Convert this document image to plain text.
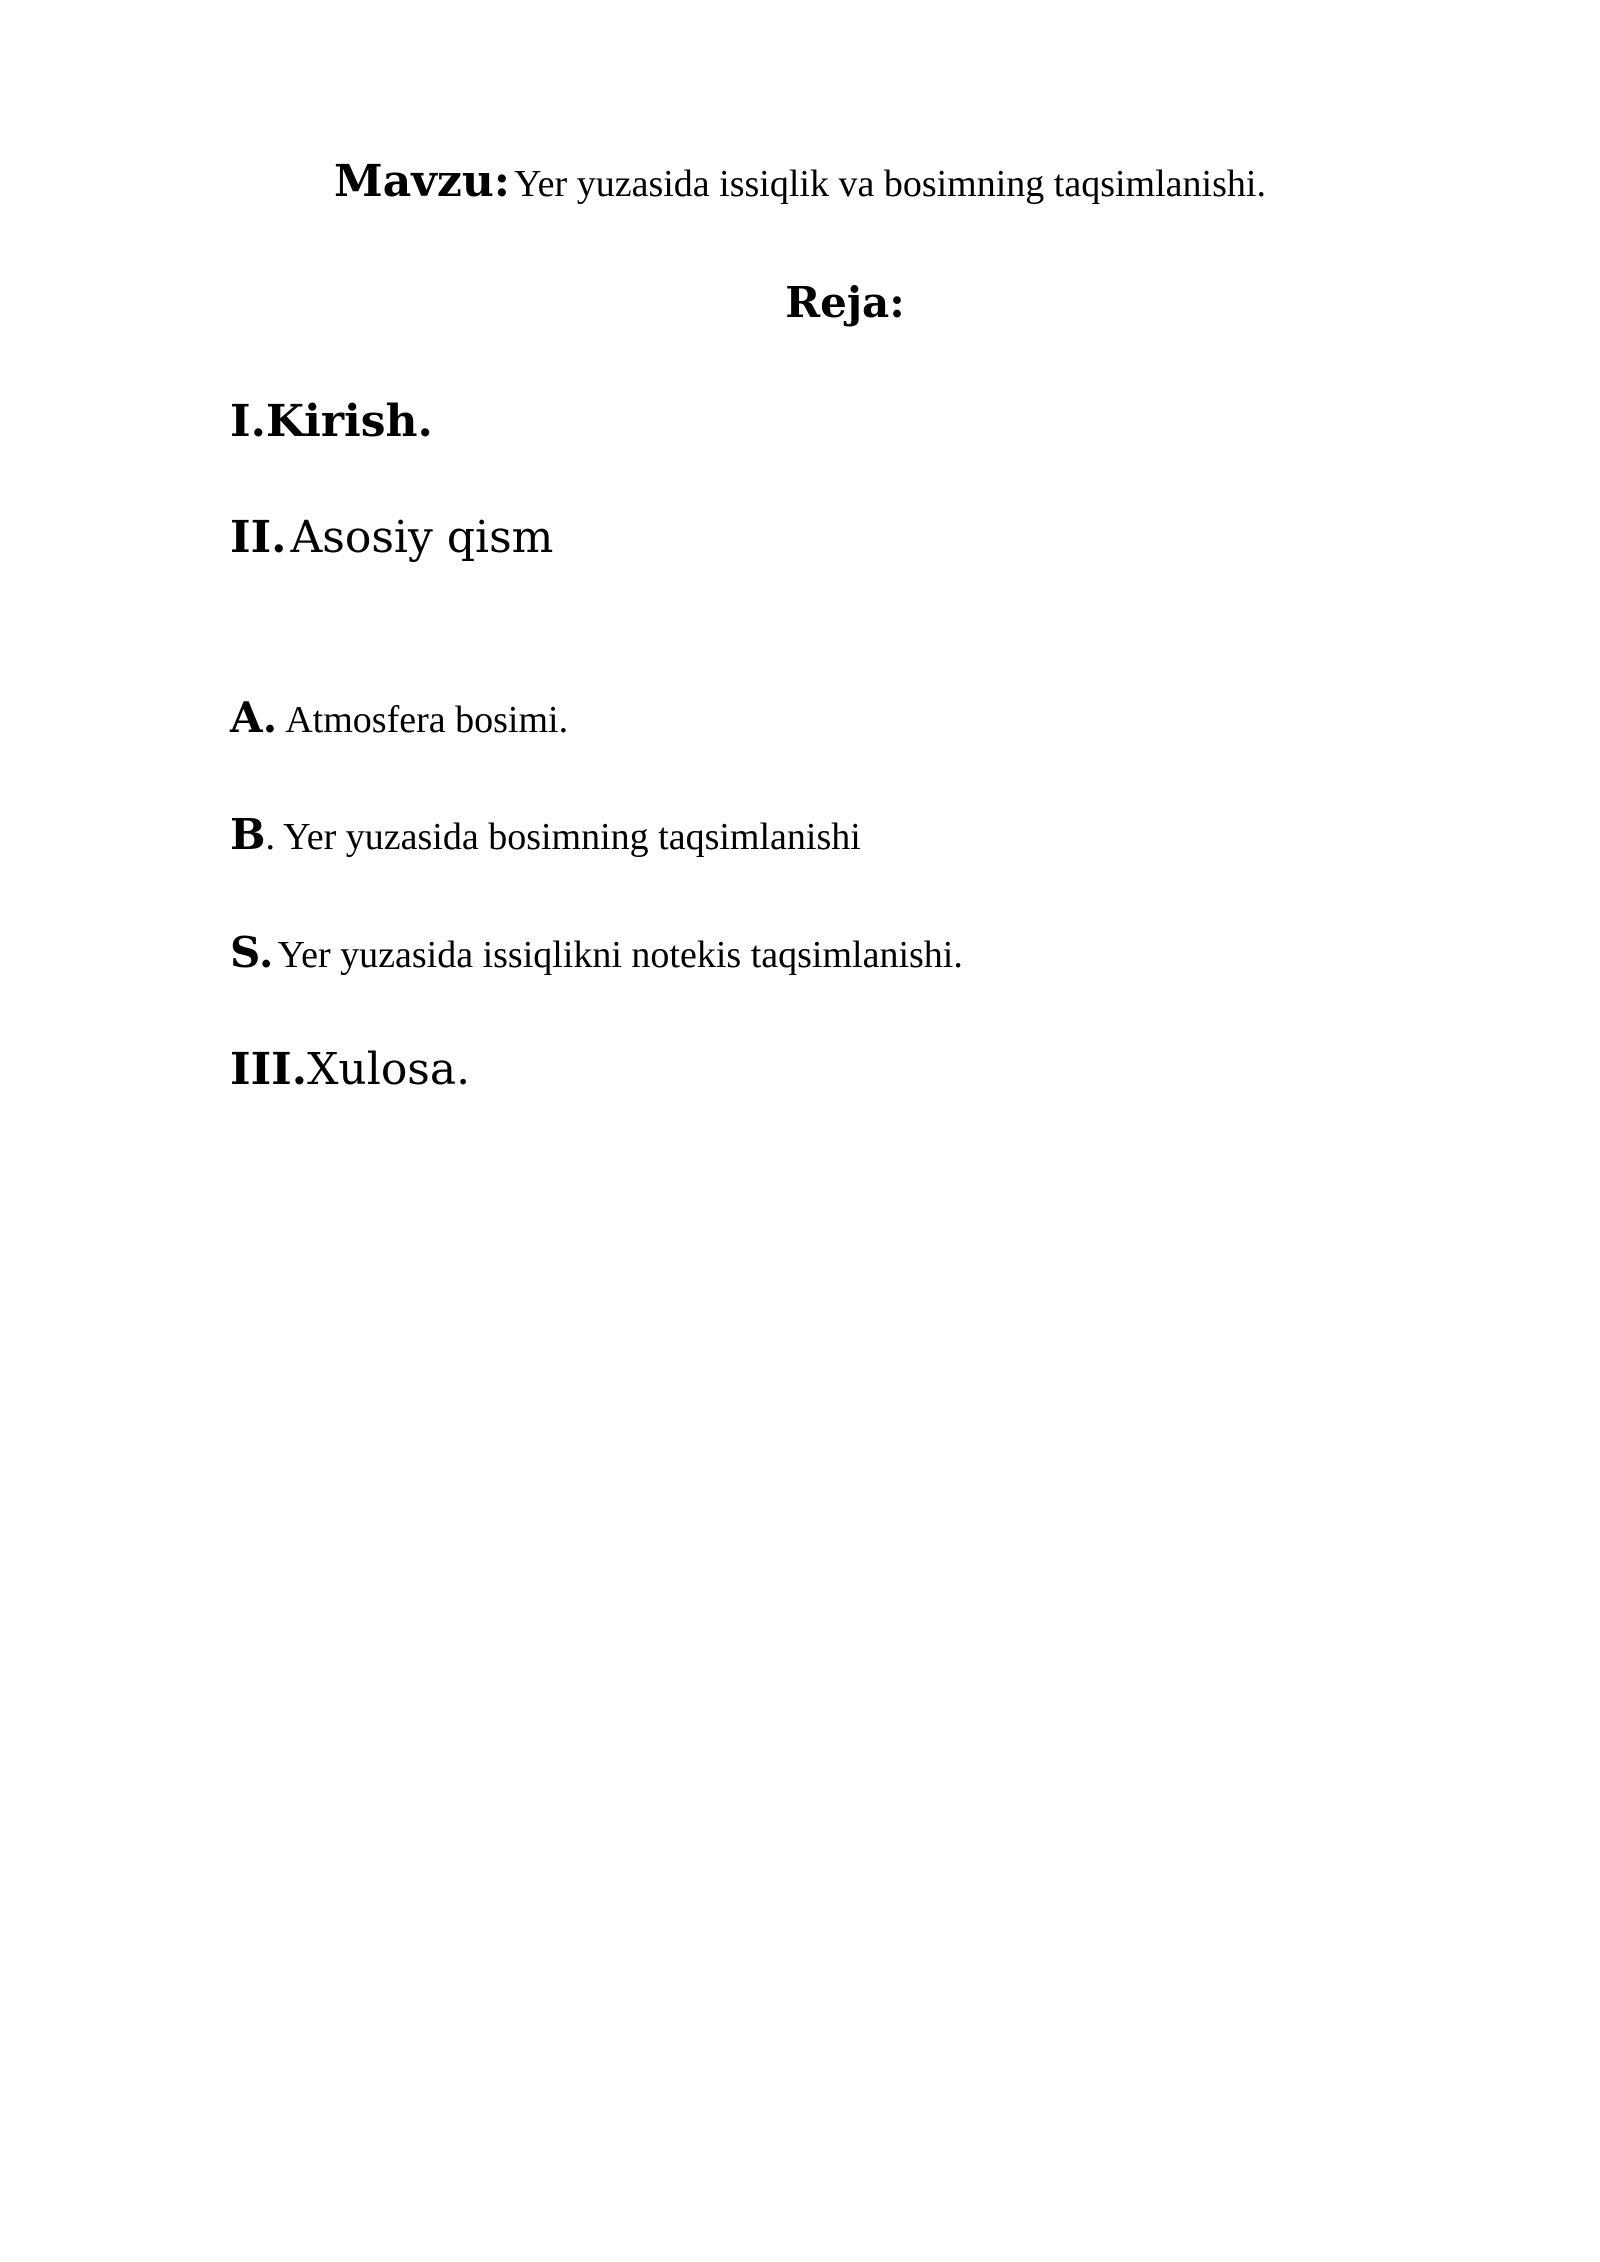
Mavzu: Yer yuzasida issiqlik va bosimning taqsimlanishi.
Reja:
I.Kirish.
II. Asosiy qism
A. Atmosfera bosimi.
B. Yer yuzasida bosimning taqsimlanishi
S. Yer yuzasida issiqlikni notekis taqsimlanishi.
III.Xulosa.
